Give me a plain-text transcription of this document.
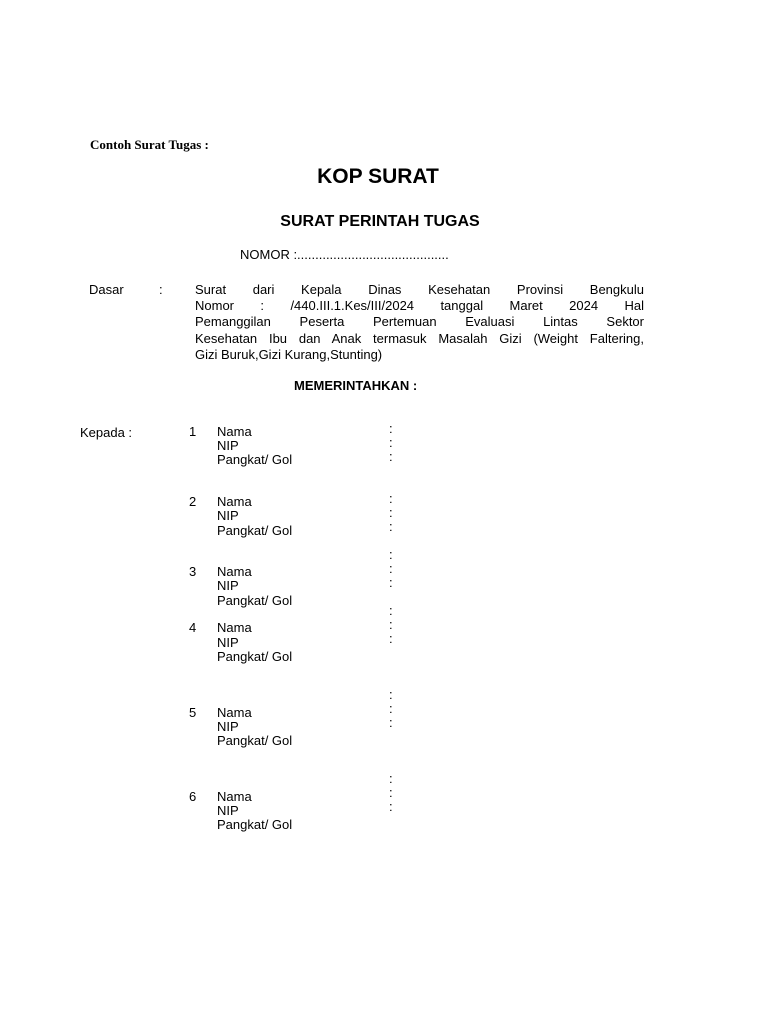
Contoh Surat Tugas :
KOP SURAT
SURAT PERINTAH TUGAS
NOMOR :..........................................
Dasar	: Surat dari Kepala Dinas Kesehatan Provinsi Bengkulu
Nomor : /440.III.1.Kes/III/2024 tanggal Maret 2024 Hal
Pemanggilan Peserta Pertemuan Evaluasi Lintas Sektor
Kesehatan Ibu dan Anak termasuk Masalah Gizi (Weight Faltering,
Gizi Buruk,Gizi Kurang,Stunting)
MEMERINTAHKAN :
Kepada :	1 Nama
NIP
Pangkat/ Gol
:
:
:
2 Nama
NIP
Pangkat/ Gol
:
:
:
:
3 Nama
NIP
Pangkat/ Gol
:
:
:
4 Nama
NIP
Pangkat/ Gol
:
:
:
5 Nama
NIP
Pangkat/ Gol
:
:
:
6 Nama
NIP
Pangkat/ Gol
:
:
